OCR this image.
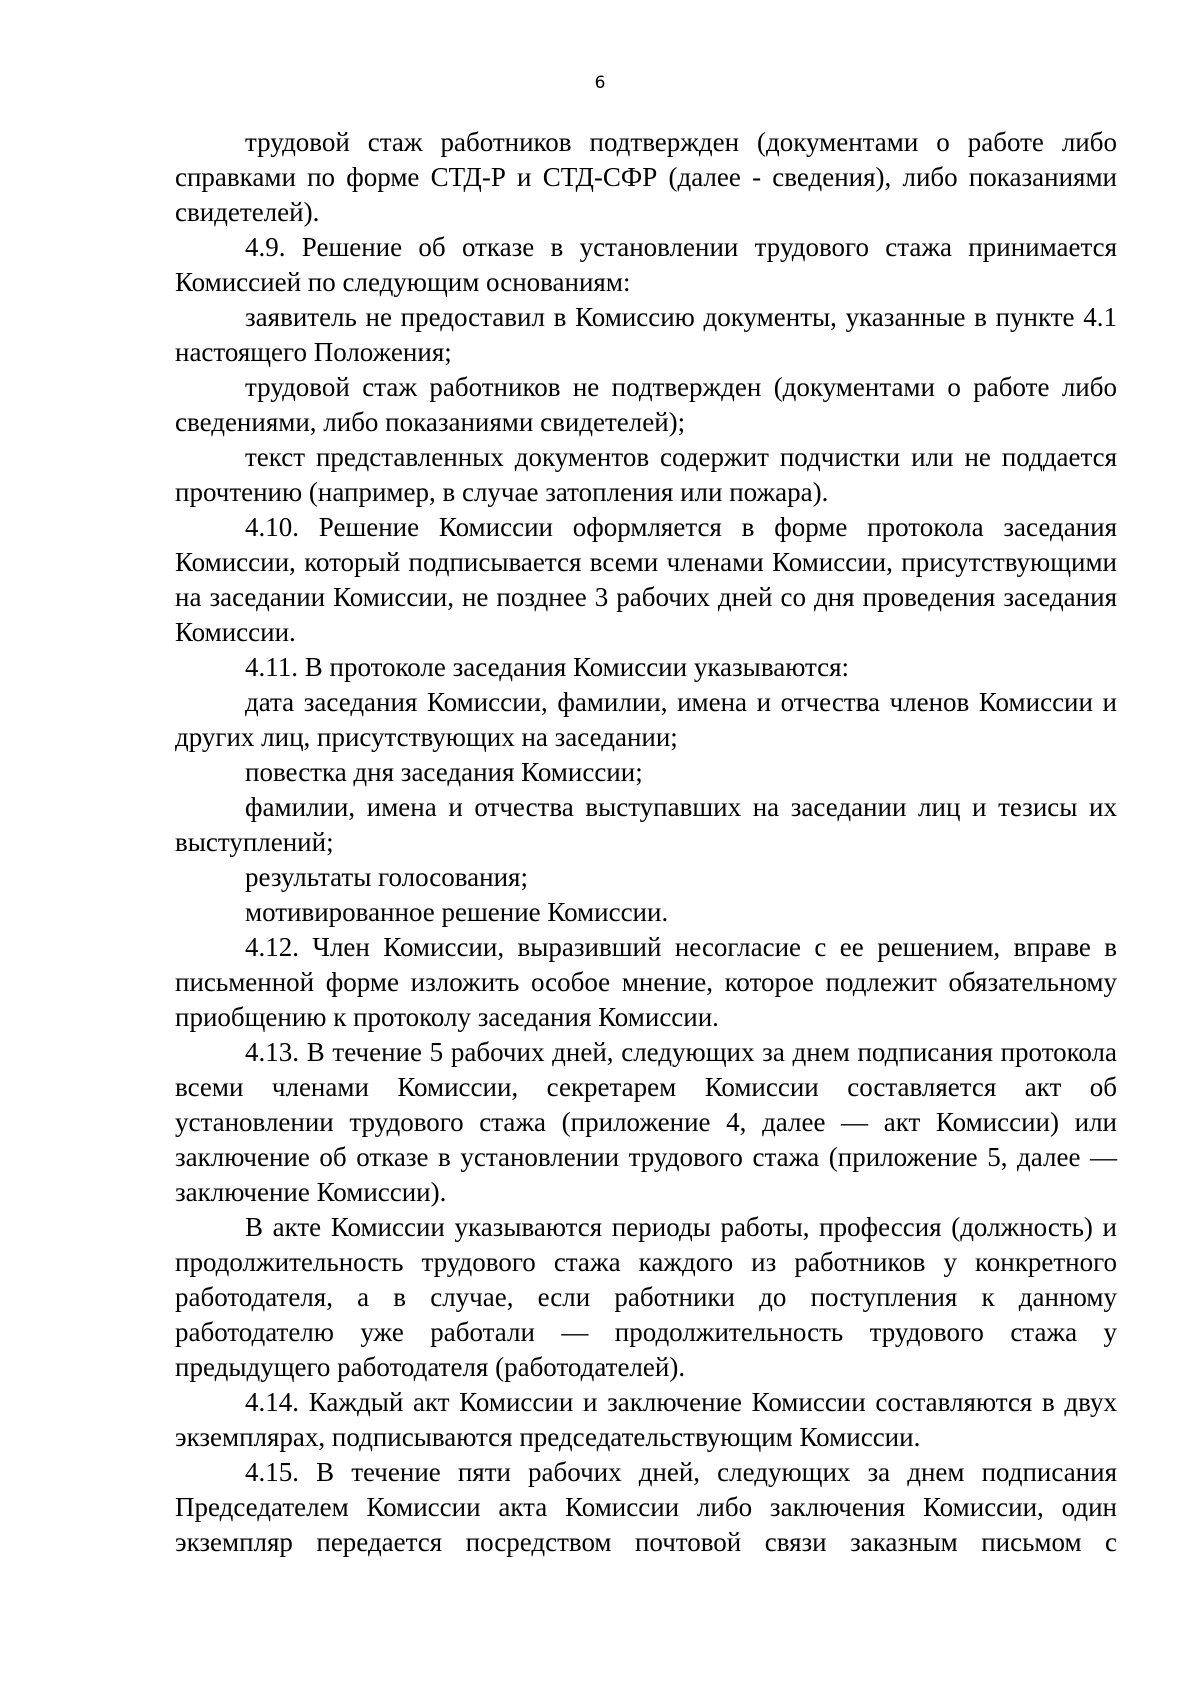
6

трудовой стаж работников подтвержден (документами о работе либо справками по форме СТД-Р и СТД-СФР (далее - сведения), либо показаниями свидетелей).

4.9. Решение об отказе в установлении трудового стажа принимается Комиссией по следующим основаниям:

заявитель не предоставил в Комиссию документы, указанные в пункте 4.1 настоящего Положения;

трудовой стаж работников не подтвержден (документами о работе либо сведениями, либо показаниями свидетелей);

текст представленных документов содержит подчистки или не поддается прочтению (например, в случае затопления или пожара).

4.10. Решение Комиссии оформляется в форме протокола заседания Комиссии, который подписывается всеми членами Комиссии, присутствующими на заседании Комиссии, не позднее 3 рабочих дней со дня проведения заседания Комиссии.

4.11. В протоколе заседания Комиссии указываются:

дата заседания Комиссии, фамилии, имена и отчества членов Комиссии и других лиц, присутствующих на заседании;

повестка дня заседания Комиссии;

фамилии, имена и отчества выступавших на заседании лиц и тезисы их выступлений;

результаты голосования;

мотивированное решение Комиссии.

4.12. Член Комиссии, выразивший несогласие с ее решением, вправе в письменной форме изложить особое мнение, которое подлежит обязательному приобщению к протоколу заседания Комиссии.

4.13. В течение 5 рабочих дней, следующих за днем подписания протокола всеми членами Комиссии, секретарем Комиссии составляется акт об установлении трудового стажа (приложение 4, далее — акт Комиссии) или заключение об отказе в установлении трудового стажа (приложение 5, далее — заключение Комиссии).

В акте Комиссии указываются периоды работы, профессия (должность) и продолжительность трудового стажа каждого из работников у конкретного работодателя, а в случае, если работники до поступления к данному работодателю уже работали — продолжительность трудового стажа у предыдущего работодателя (работодателей).

4.14. Каждый акт Комиссии и заключение Комиссии составляются в двух экземплярах, подписываются председательствующим Комиссии.

4.15. В течение пяти рабочих дней, следующих за днем подписания Председателем Комиссии акта Комиссии либо заключения Комиссии, один экземпляр передается посредством почтовой связи заказным письмом с
